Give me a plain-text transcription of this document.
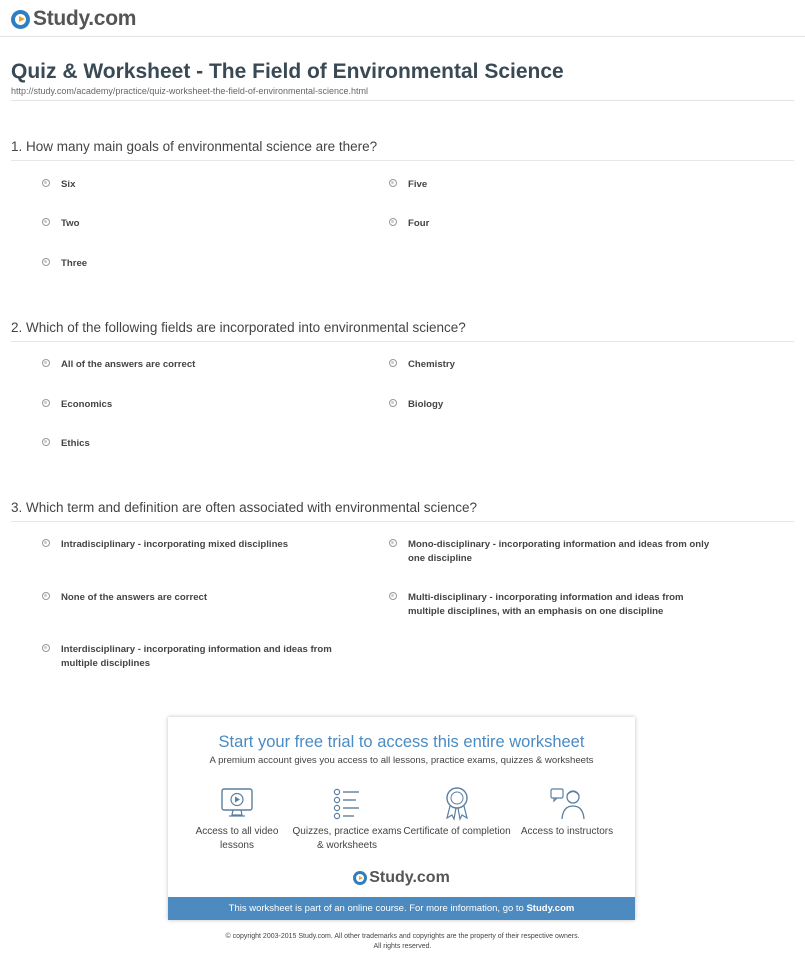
Study.com
Quiz & Worksheet - The Field of Environmental Science
http://study.com/academy/practice/quiz-worksheet-the-field-of-environmental-science.html
1. How many main goals of environmental science are there?
Six	Five
Two	Four
Three
2. Which of the following fields are incorporated into environmental science?
All of the answers are correct	Chemistry
Economics	Biology
Ethics
3. Which term and definition are often associated with environmental science?
Intradisciplinary - incorporating mixed disciplines	Mono-disciplinary - incorporating information and ideas from only one discipline
None of the answers are correct	Multi-disciplinary - incorporating information and ideas from multiple disciplines, with an emphasis on one discipline
Interdisciplinary - incorporating information and ideas from multiple disciplines
Start your free trial to access this entire worksheet
A premium account gives you access to all lessons, practice exams, quizzes & worksheets
Access to all video lessons
Quizzes, practice exams & worksheets
Certificate of completion	Access to instructors
Study.com
This worksheet is part of an online course. For more information, go to Study.com
© copyright 2003-2015 Study.com. All other trademarks and copyrights are the property of their respective owners.
All rights reserved.
